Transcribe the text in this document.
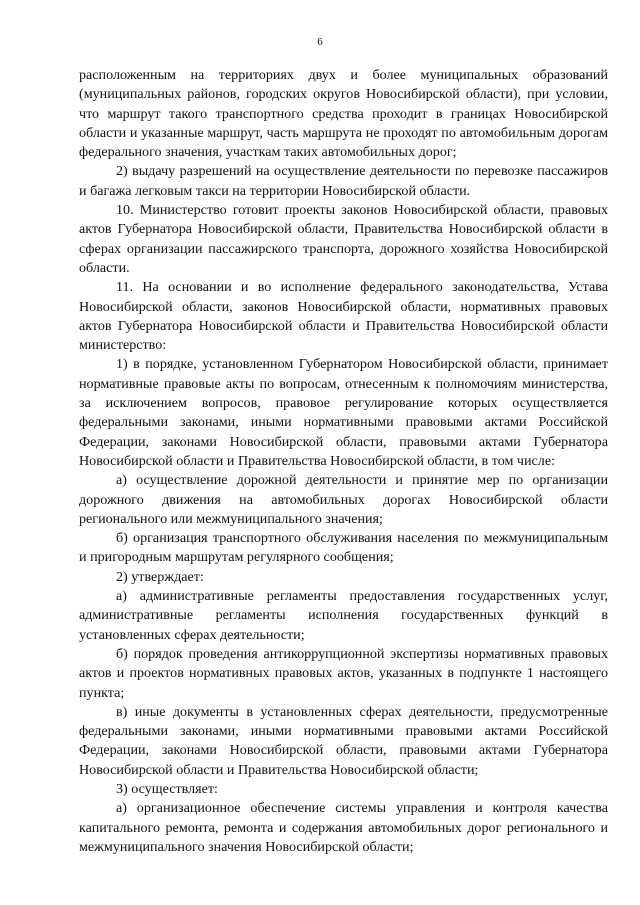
6

расположенным на территориях двух и более муниципальных образований (муниципальных районов, городских округов Новосибирской области), при условии, что маршрут такого транспортного средства проходит в границах Новосибирской области и указанные маршрут, часть маршрута не проходят по автомобильным дорогам федерального значения, участкам таких автомобильных дорог;

2) выдачу разрешений на осуществление деятельности по перевозке пассажиров и багажа легковым такси на территории Новосибирской области.

10. Министерство готовит проекты законов Новосибирской области, правовых актов Губернатора Новосибирской области, Правительства Новосибирской области в сферах организации пассажирского транспорта, дорожного хозяйства Новосибирской области.

11. На основании и во исполнение федерального законодательства, Устава Новосибирской области, законов Новосибирской области, нормативных правовых актов Губернатора Новосибирской области и Правительства Новосибирской области министерство:

1) в порядке, установленном Губернатором Новосибирской области, принимает нормативные правовые акты по вопросам, отнесенным к полномочиям министерства, за исключением вопросов, правовое регулирование которых осуществляется федеральными законами, иными нормативными правовыми актами Российской Федерации, законами Новосибирской области, правовыми актами Губернатора Новосибирской области и Правительства Новосибирской области, в том числе:

а) осуществление дорожной деятельности и принятие мер по организации дорожного движения на автомобильных дорогах Новосибирской области регионального или межмуниципального значения;

б) организация транспортного обслуживания населения по межмуниципальным и пригородным маршрутам регулярного сообщения;

2) утверждает:

а) административные регламенты предоставления государственных услуг, административные регламенты исполнения государственных функций в установленных сферах деятельности;

б) порядок проведения антикоррупционной экспертизы нормативных правовых актов и проектов нормативных правовых актов, указанных в подпункте 1 настоящего пункта;

в) иные документы в установленных сферах деятельности, предусмотренные федеральными законами, иными нормативными правовыми актами Российской Федерации, законами Новосибирской области, правовыми актами Губернатора Новосибирской области и Правительства Новосибирской области;

3) осуществляет:

а) организационное обеспечение системы управления и контроля качества капитального ремонта, ремонта и содержания автомобильных дорог регионального и межмуниципального значения Новосибирской области;
